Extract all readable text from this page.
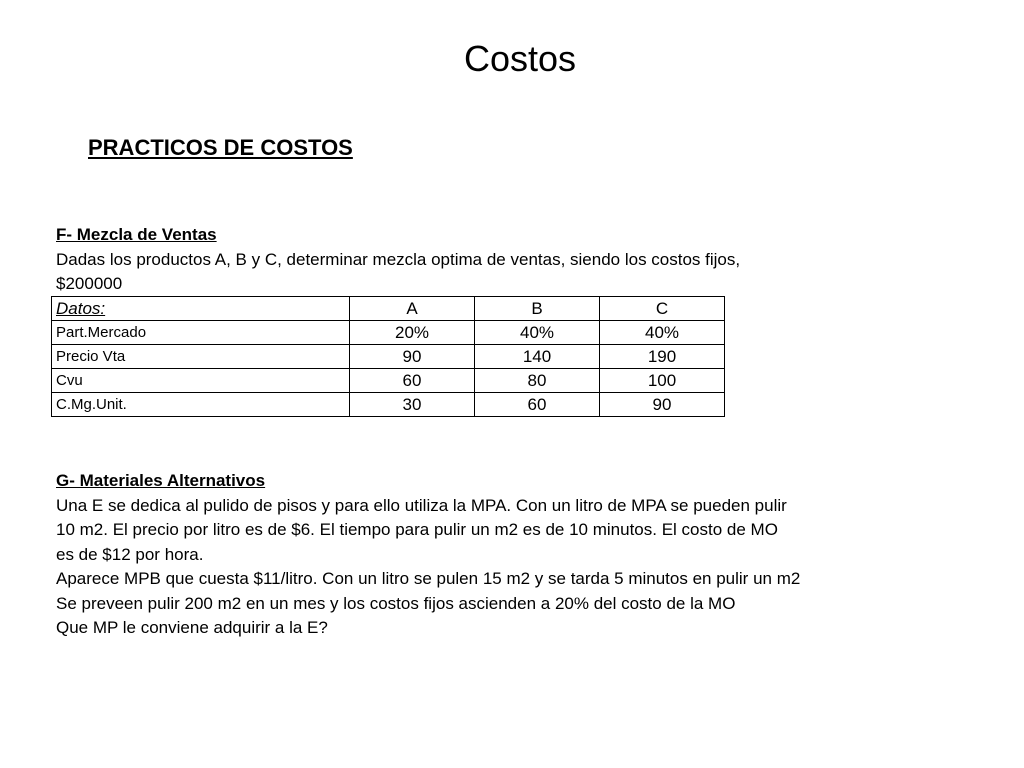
Costos
PRACTICOS DE COSTOS
F- Mezcla de Ventas
Dadas los productos A, B y C, determinar mezcla optima de ventas, siendo los costos fijos,
$200000
Datos:	A	B	C
Part.Mercado	20%	40%	40%
Precio Vta	90	140	190
Cvu	60	80	100
C.Mg.Unit.	30	60	90
G- Materiales Alternativos
Una E se dedica al pulido de pisos y para ello utiliza la MPA. Con un litro de MPA se pueden pulir
10 m2. El precio por litro es de $6. El tiempo para pulir un m2 es de 10 minutos. El costo de MO
es de $12 por hora.
Aparece MPB que cuesta $11/litro. Con un litro se pulen 15 m2 y se tarda 5 minutos en pulir un m2
Se preveen pulir 200 m2 en un mes y los costos fijos ascienden a 20% del costo de la MO
Que MP le conviene adquirir a la E?
